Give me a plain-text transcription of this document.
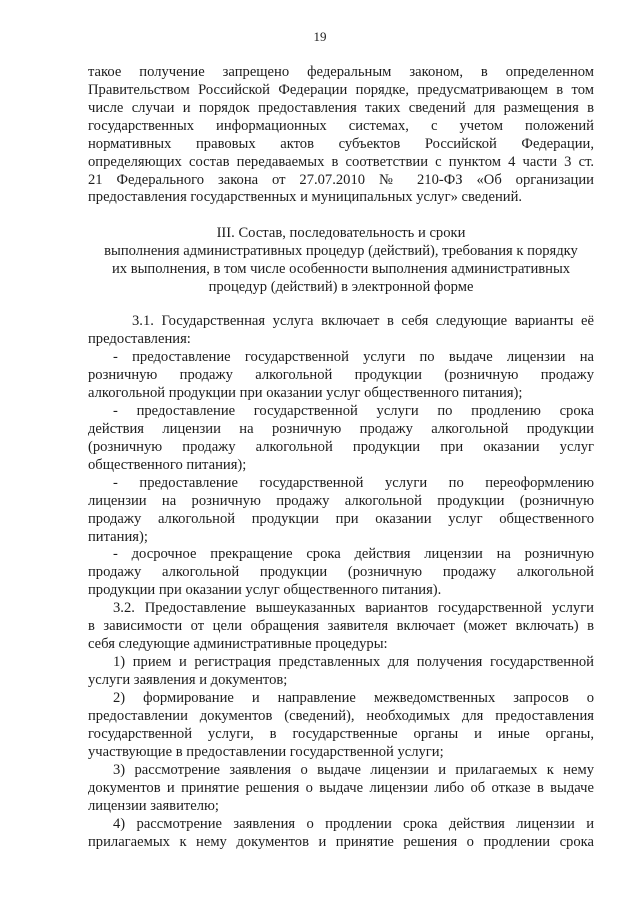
19
такое получение запрещено федеральным законом, в определенном
Правительством Российской Федерации порядке, предусматривающем в том
числе случаи и порядок предоставления таких сведений для размещения в
государственных информационных системах, с учетом положений
нормативных правовых актов субъектов Российской Федерации,
определяющих состав передаваемых в соответствии с пунктом 4 части 3 ст.
21 Федерального закона от 27.07.2010 № 210-ФЗ «Об организации
предоставления государственных и муниципальных услуг» сведений.
III. Состав, последовательность и сроки
выполнения административных процедур (действий), требования к порядку
их выполнения, в том числе особенности выполнения административных
процедур (действий) в электронной форме
3.1. Государственная услуга включает в себя следующие варианты её
предоставления:
- предоставление государственной услуги по выдаче лицензии на
розничную продажу алкогольной продукции (розничную продажу
алкогольной продукции при оказании услуг общественного питания);
- предоставление государственной услуги по продлению срока
действия лицензии на розничную продажу алкогольной продукции
(розничную продажу алкогольной продукции при оказании услуг
общественного питания);
- предоставление государственной услуги по переоформлению
лицензии на розничную продажу алкогольной продукции (розничную
продажу алкогольной продукции при оказании услуг общественного
питания);
- досрочное прекращение срока действия лицензии на розничную
продажу алкогольной продукции (розничную продажу алкогольной
продукции при оказании услуг общественного питания).
3.2. Предоставление вышеуказанных вариантов государственной услуги
в зависимости от цели обращения заявителя включает (может включать) в
себя следующие административные процедуры:
1) прием и регистрация представленных для получения государственной
услуги заявления и документов;
2) формирование и направление межведомственных запросов о
предоставлении документов (сведений), необходимых для предоставления
государственной услуги, в государственные органы и иные органы,
участвующие в предоставлении государственной услуги;
3) рассмотрение заявления о выдаче лицензии и прилагаемых к нему
документов и принятие решения о выдаче лицензии либо об отказе в выдаче
лицензии заявителю;
4) рассмотрение заявления о продлении срока действия лицензии и
прилагаемых к нему документов и принятие решения о продлении срока
